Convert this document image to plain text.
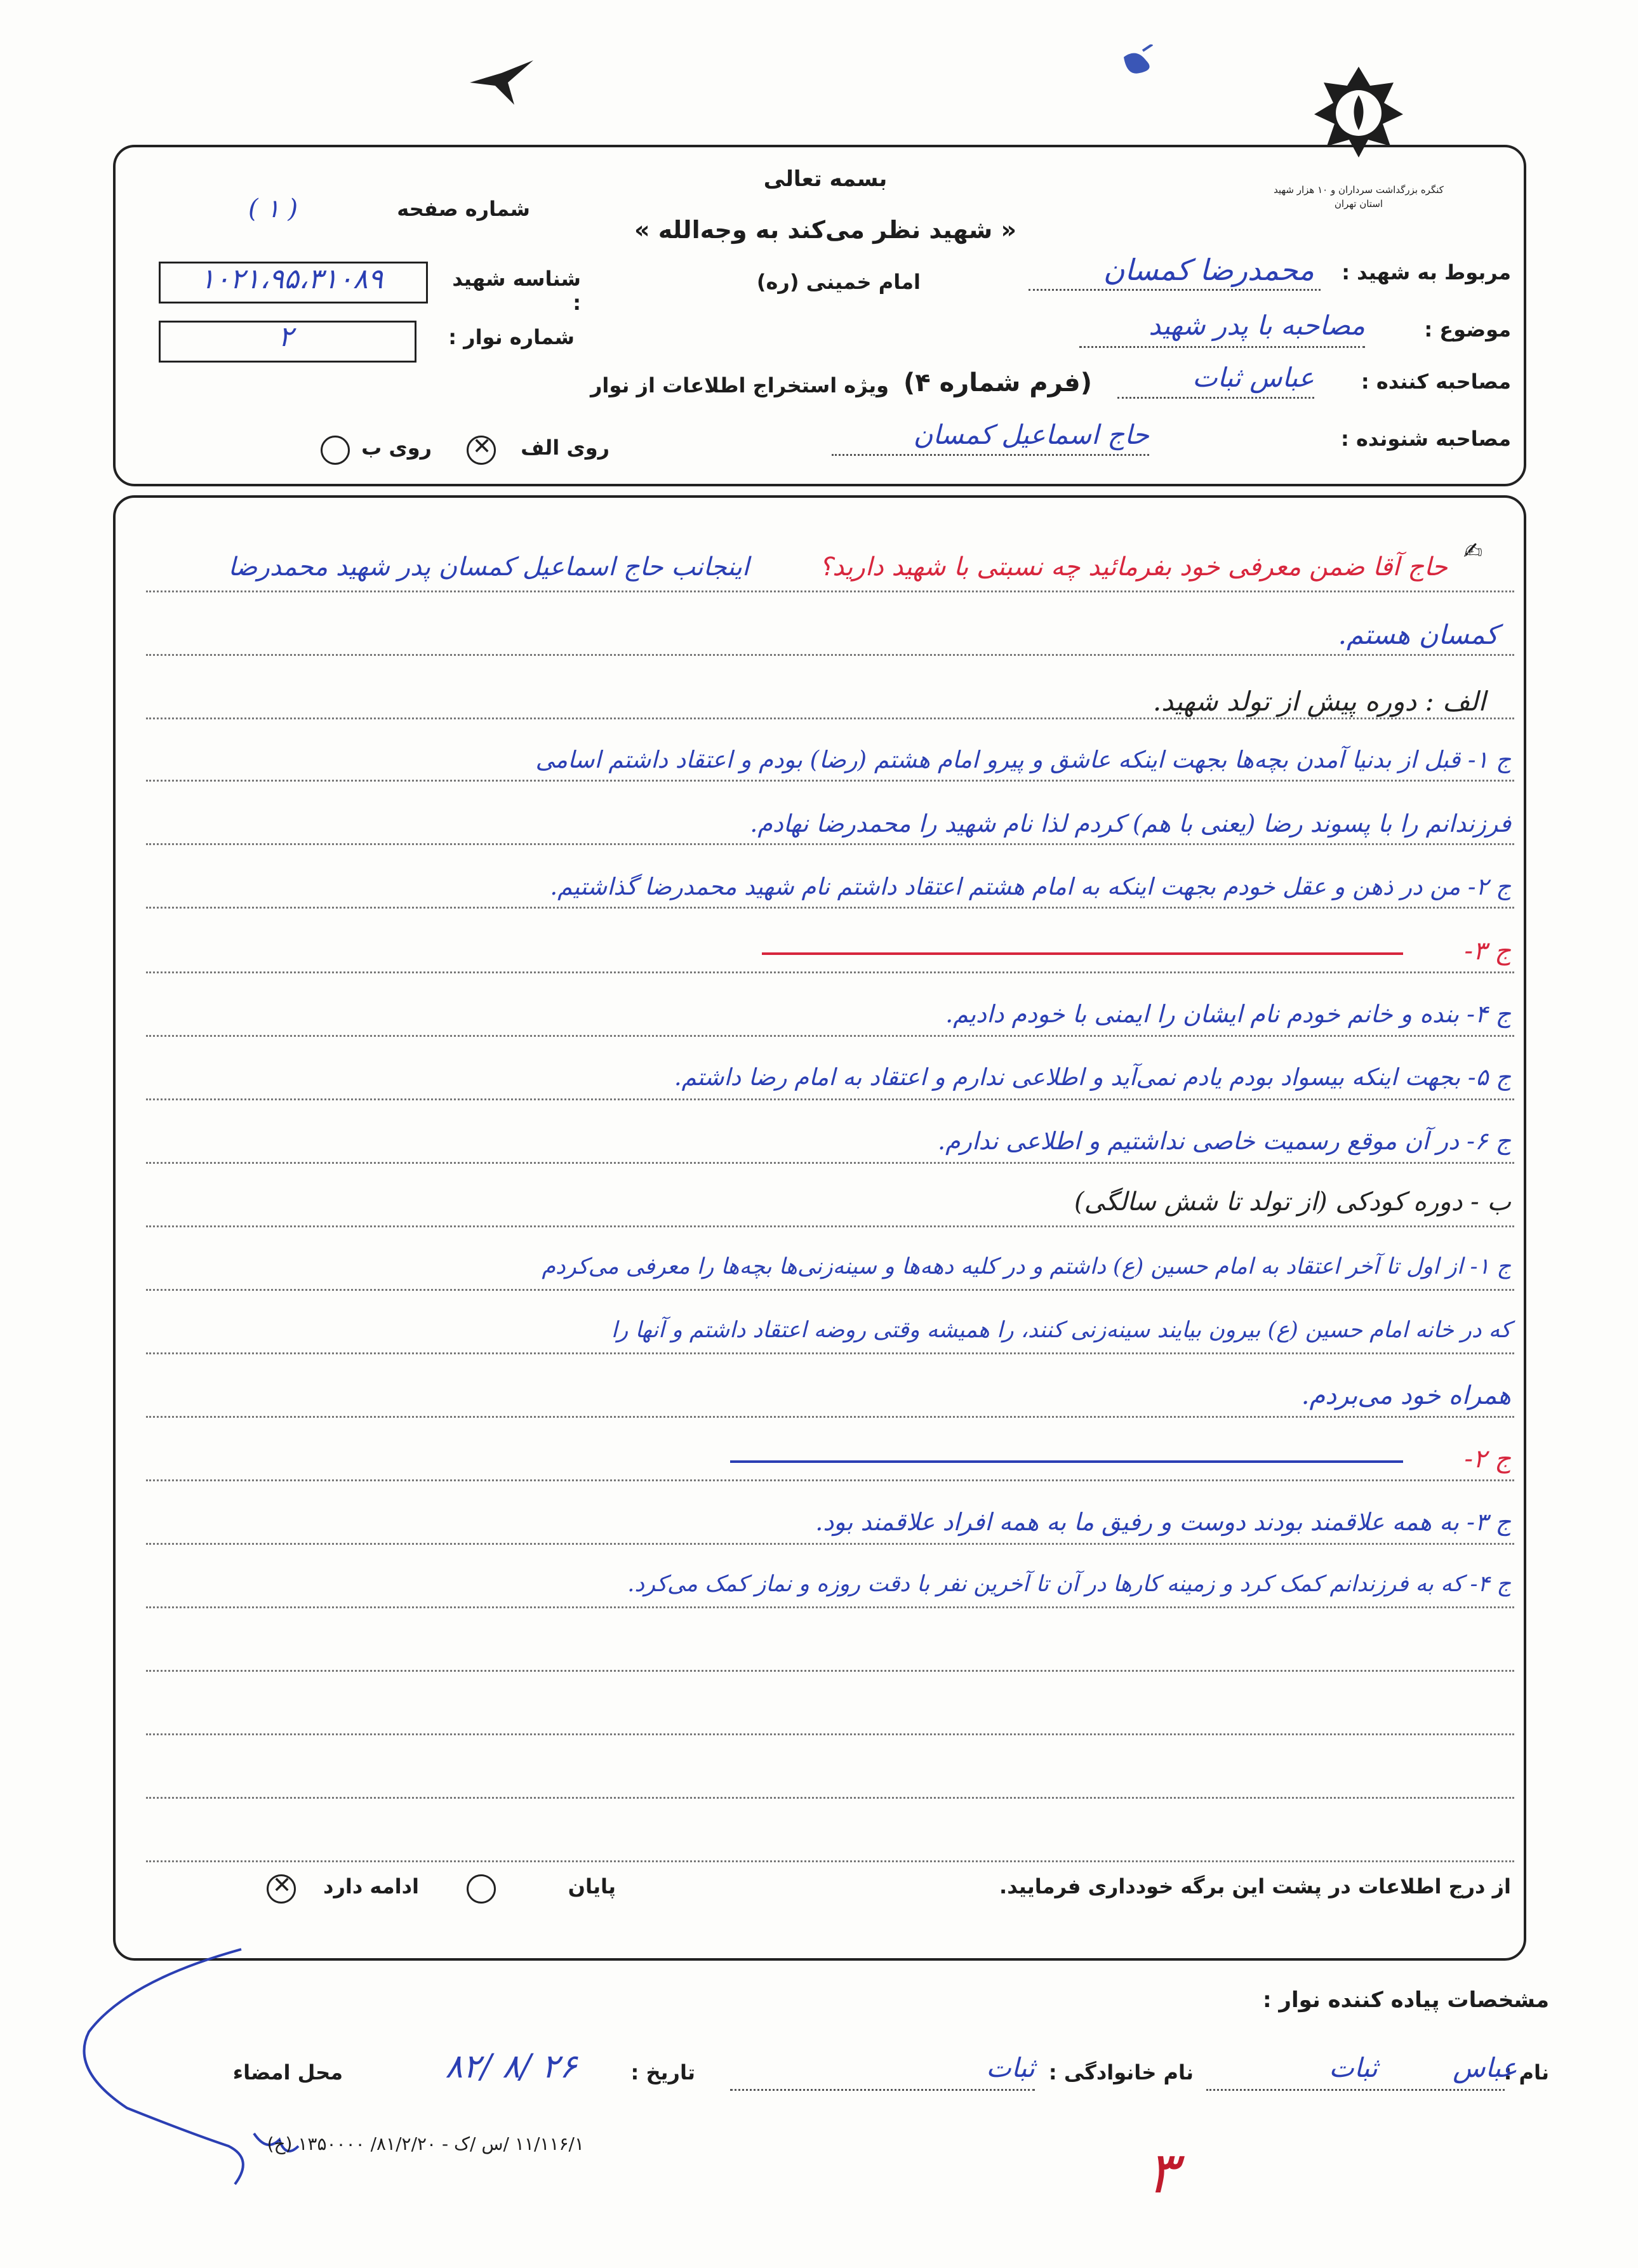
کنگره بزرگداشت سرداران و ۱۰ هزار شهید استان تهران
بسمه تعالی
« شهید نظر می‌کند به وجه‌الله »
امام خمینی (ره)
شماره صفحه
( ۱ )
شناسه شهید :
۱۰۲۱،۹۵،۳۱۰۸۹
شماره نوار :
۲
(فرم شماره ۴)
ویژه استخراج اطلاعات از نوار
روی الف
✕
روی ب
مربوط به شهید :
محمدرضا کمسان
موضوع :
مصاحبه با پدر شهید
مصاحبه کننده :
عباس ثبات
مصاحبه شنونده :
حاج اسماعیل کمسان
✍
حاج آقا ضمن معرفی خود بفرمائید چه نسبتی با شهید دارید؟
اینجانب حاج اسماعیل کمسان پدر شهید محمدرضا
کمسان هستم.
الف : دوره پیش از تولد شهید.
ج ۱- قبل از بدنیا آمدن بچه‌ها بجهت اینکه عاشق و پیرو امام هشتم (رضا) بودم و اعتقاد داشتم اسامی
فرزندانم را با پسوند رضا (یعنی با هم) کردم لذا نام شهید را محمدرضا نهادم.
ج ۲- من در ذهن و عقل خودم بجهت اینکه به امام هشتم اعتقاد داشتم نام شهید محمدرضا گذاشتیم.
ج ۳-
ج ۴- بنده و خانم خودم نام ایشان را ایمنی با خودم دادیم.
ج ۵- بجهت اینکه بیسواد بودم یادم نمی‌آید و اطلاعی ندارم و اعتقاد به امام رضا داشتم.
ج ۶- در آن موقع رسمیت خاصی نداشتیم و اطلاعی ندارم.
ب - دوره کودکی (از تولد تا شش سالگی)
ج ۱- از اول تا آخر اعتقاد به امام حسین (ع) داشتم و در کلیه دهه‌ها و سینه‌زنی‌ها بچه‌ها را معرفی می‌کردم
که در خانه امام حسین (ع) بیرون بیایند سینه‌زنی کنند، را همیشه وقتی روضه اعتقاد داشتم و آنها را
همراه خود می‌بردم.
ج ۲-
ج ۳- به همه علاقمند بودند دوست و رفیق ما به همه افراد علاقمند بود.
ج ۴- که به فرزندانم کمک کرد و زمینه کارها در آن تا آخرین نفر با دقت روزه و نماز کمک می‌کرد.
از درج اطلاعات در پشت این برگه خودداری فرمایید.
پایان
ادامه دارد
✕
مشخصات پیاده کننده نوار :
نام :
عباس
ثبات
نام خانوادگی :
ثبات
تاریخ :
۸۲/ ۸/ ۲۶
محل امضاء
۱۱/۱۱۶/۱ /س /ک - ۸۱/۲/۲۰/ ۱۳۵۰۰۰۰ (خ)	۳
